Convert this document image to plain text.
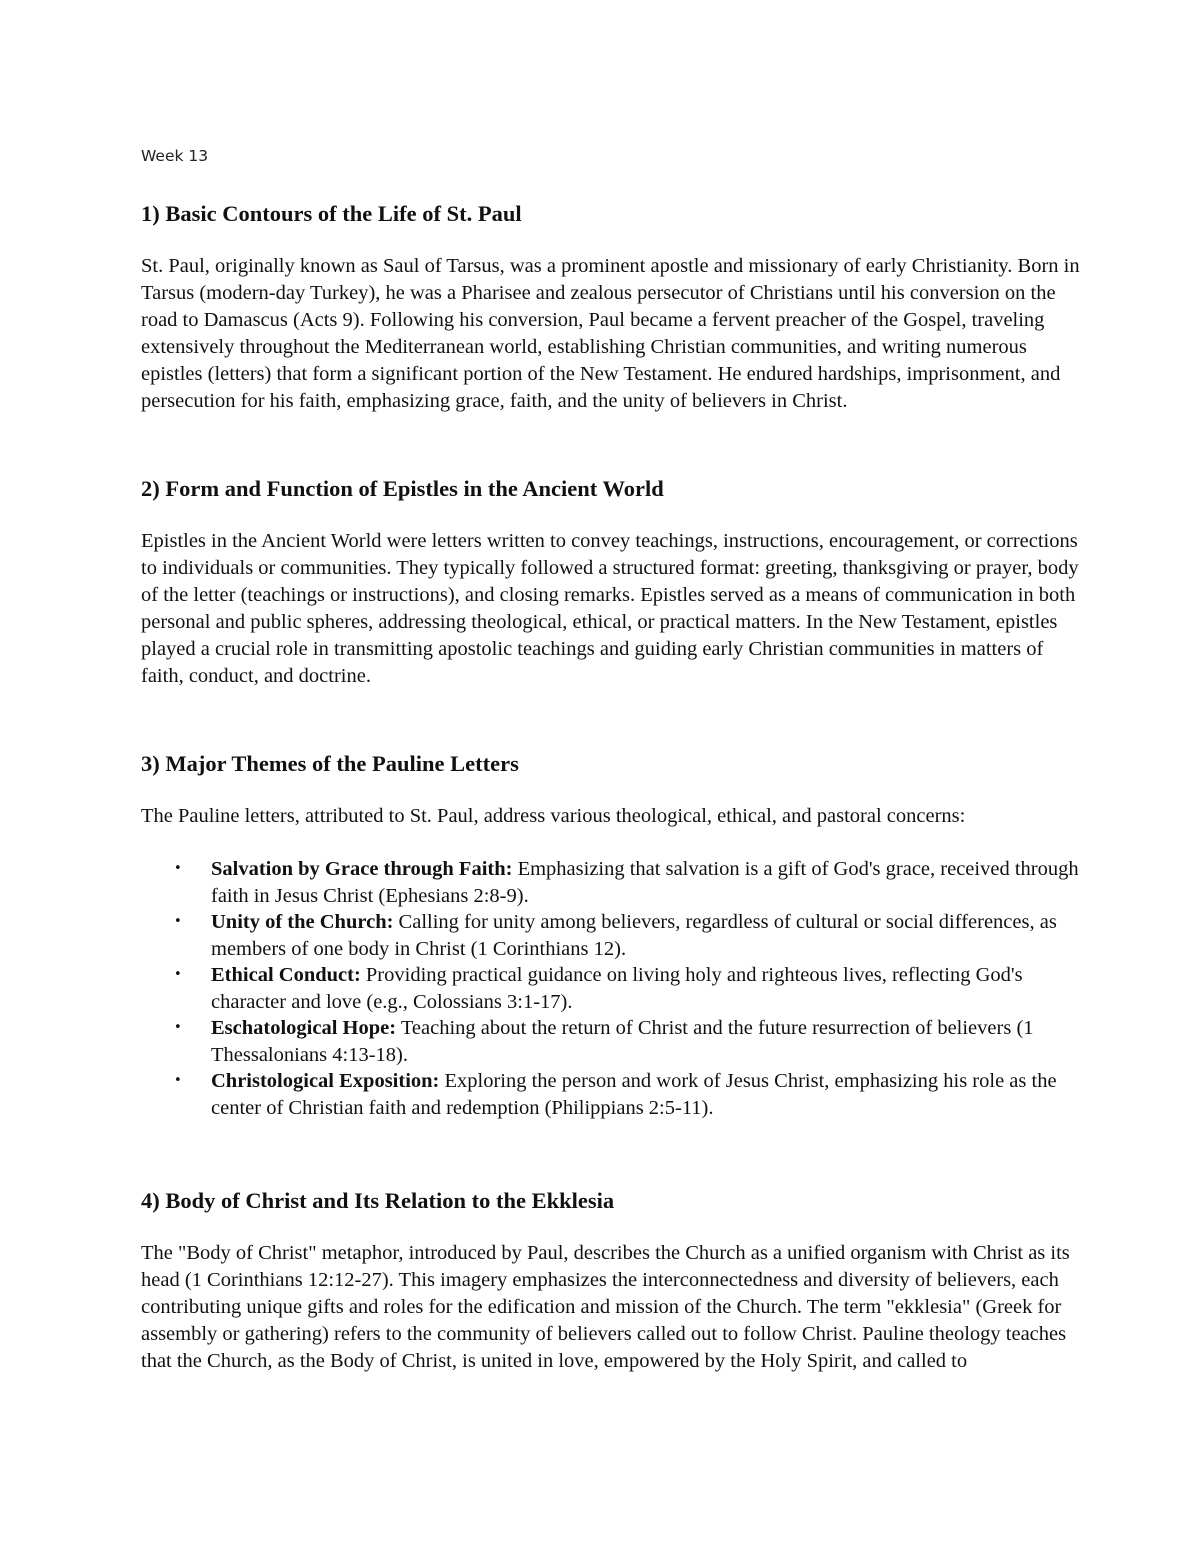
Week 13
1) Basic Contours of the Life of St. Paul

St. Paul, originally known as Saul of Tarsus, was a prominent apostle and missionary of early Christianity. Born in Tarsus (modern-day Turkey), he was a Pharisee and zealous persecutor of Christians until his conversion on the road to Damascus (Acts 9). Following his conversion, Paul became a fervent preacher of the Gospel, traveling extensively throughout the Mediterranean world, establishing Christian communities, and writing numerous epistles (letters) that form a significant portion of the New Testament. He endured hardships, imprisonment, and persecution for his faith, emphasizing grace, faith, and the unity of believers in Christ.

2) Form and Function of Epistles in the Ancient World

Epistles in the Ancient World were letters written to convey teachings, instructions, encouragement, or corrections to individuals or communities. They typically followed a structured format: greeting, thanksgiving or prayer, body of the letter (teachings or instructions), and closing remarks. Epistles served as a means of communication in both personal and public spheres, addressing theological, ethical, or practical matters. In the New Testament, epistles played a crucial role in transmitting apostolic teachings and guiding early Christian communities in matters of faith, conduct, and doctrine.

3) Major Themes of the Pauline Letters

The Pauline letters, attributed to St. Paul, address various theological, ethical, and pastoral concerns:

• Salvation by Grace through Faith: Emphasizing that salvation is a gift of God's grace, received through faith in Jesus Christ (Ephesians 2:8-9).
• Unity of the Church: Calling for unity among believers, regardless of cultural or social differences, as members of one body in Christ (1 Corinthians 12).
• Ethical Conduct: Providing practical guidance on living holy and righteous lives, reflecting God's character and love (e.g., Colossians 3:1-17).
• Eschatological Hope: Teaching about the return of Christ and the future resurrection of believers (1 Thessalonians 4:13-18).
• Christological Exposition: Exploring the person and work of Jesus Christ, emphasizing his role as the center of Christian faith and redemption (Philippians 2:5-11).
4) Body of Christ and Its Relation to the Ekklesia

The "Body of Christ" metaphor, introduced by Paul, describes the Church as a unified organism with Christ as its head (1 Corinthians 12:12-27). This imagery emphasizes the interconnectedness and diversity of believers, each contributing unique gifts and roles for the edification and mission of the Church. The term "ekklesia" (Greek for assembly or gathering) refers to the community of believers called out to follow Christ. Pauline theology teaches that the Church, as the Body of Christ, is united in love, empowered by the Holy Spirit, and called to
